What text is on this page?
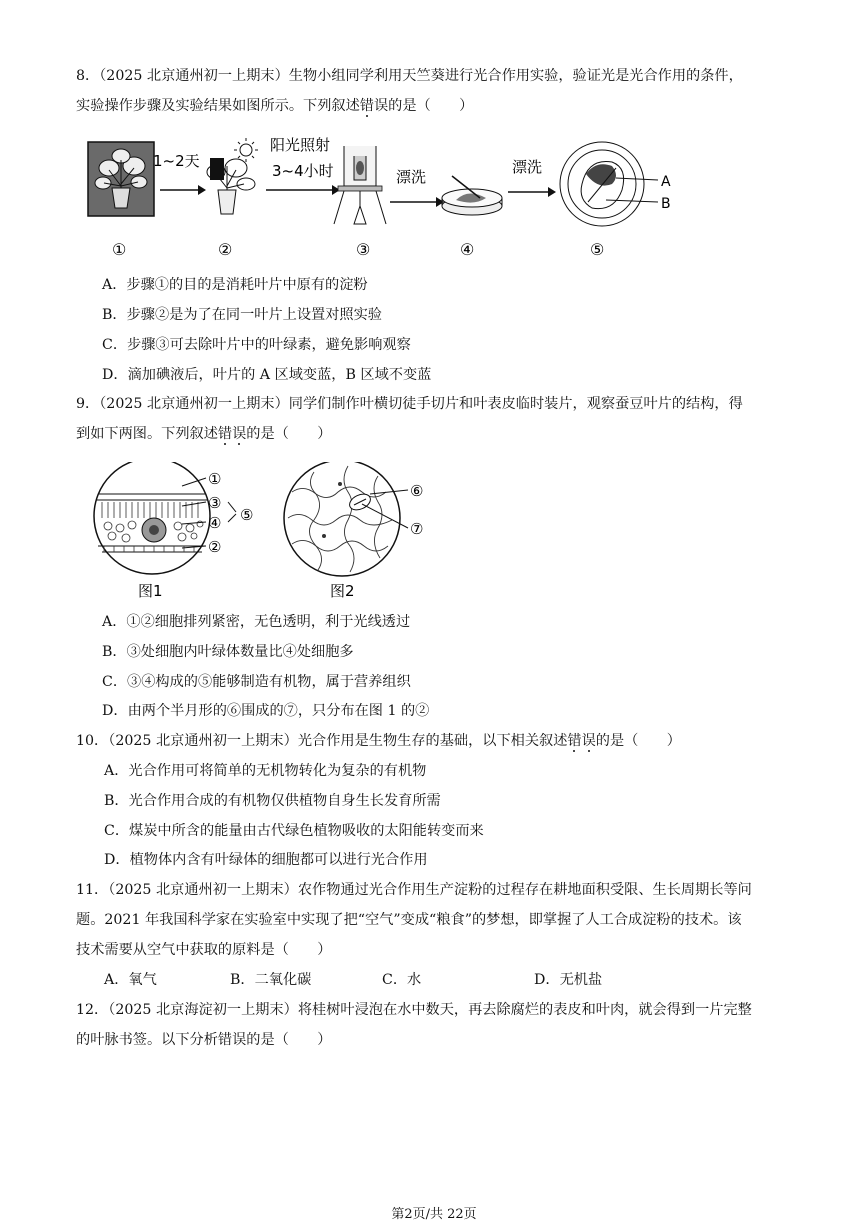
8．（2025 北京通州初一上期末）生物小组同学利用天竺葵进行光合作用实验，验证光是光合作用的条件，
实验操作步骤及实验结果如图所示。下列叙述错误的是（　　）
1~2天
阳光照射
3~4小时	漂洗
漂洗
A
B
①	②	③	④	⑤
A．步骤①的目的是消耗叶片中原有的淀粉
B．步骤②是为了在同一叶片上设置对照实验
C．步骤③可去除叶片中的叶绿素，避免影响观察
D．滴加碘液后，叶片的 A 区域变蓝，B 区域不变蓝
9．（2025 北京通州初一上期末）同学们制作叶横切徒手切片和叶表皮临时装片，观察蚕豆叶片的结构，得
到如下两图。下列叙述错误的是（　　）
①
③
④ ⑤
②
图1
⑥
⑦
图2
A．①②细胞排列紧密，无色透明，利于光线透过
B．③处细胞内叶绿体数量比④处细胞多
C．③④构成的⑤能够制造有机物，属于营养组织
D．由两个半月形的⑥围成的⑦，只分布在图 1 的②
10．（2025 北京通州初一上期末）光合作用是生物生存的基础，以下相关叙述错误的是（　　）
A．光合作用可将简单的无机物转化为复杂的有机物
B．光合作用合成的有机物仅供植物自身生长发育所需
C．煤炭中所含的能量由古代绿色植物吸收的太阳能转变而来
D．植物体内含有叶绿体的细胞都可以进行光合作用
11．（2025 北京通州初一上期末）农作物通过光合作用生产淀粉的过程存在耕地面积受限、生长周期长等问
题。2021 年我国科学家在实验室中实现了把“空气”变成“粮食”的梦想，即掌握了人工合成淀粉的技术。该
技术需要从空气中获取的原料是（　　）
A．氧气	B．二氧化碳	C．水	D．无机盐
12．（2025 北京海淀初一上期末）将桂树叶浸泡在水中数天，再去除腐烂的表皮和叶肉，就会得到一片完整
的叶脉书签。以下分析错误的是（　　）
第2页/共 22页
